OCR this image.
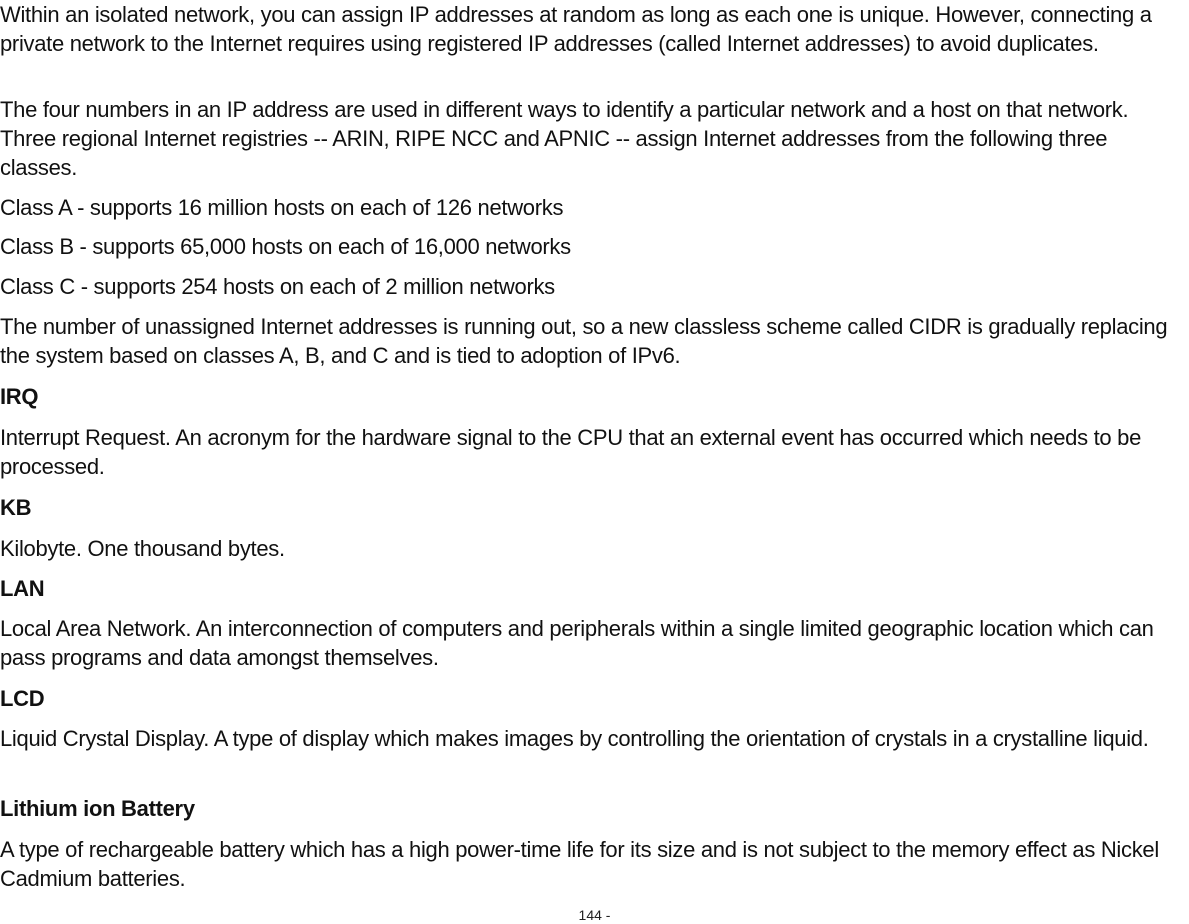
Within an isolated network, you can assign IP addresses at random as long as each one is unique. However, connecting a private network to the Internet requires using registered IP addresses (called Internet addresses) to avoid duplicates.

The four numbers in an IP address are used in different ways to identify a particular network and a host on that network. Three regional Internet registries -- ARIN, RIPE NCC and APNIC -- assign Internet addresses from the following three classes.

Class A - supports 16 million hosts on each of 126 networks

Class B - supports 65,000 hosts on each of 16,000 networks

Class C - supports 254 hosts on each of 2 million networks

The number of unassigned Internet addresses is running out, so a new classless scheme called CIDR is gradually replacing the system based on classes A, B, and C and is tied to adoption of IPv6.

IRQ

Interrupt Request. An acronym for the hardware signal to the CPU that an external event has occurred which needs to be processed.

KB

Kilobyte. One thousand bytes.

LAN

Local Area Network. An interconnection of computers and peripherals within a single limited geographic location which can pass programs and data amongst themselves.

LCD

Liquid Crystal Display. A type of display which makes images by controlling the orientation of crystals in a crystalline liquid.

Lithium ion Battery

A type of rechargeable battery which has a high power-time life for its size and is not subject to the memory effect as Nickel Cadmium batteries.

144 -
